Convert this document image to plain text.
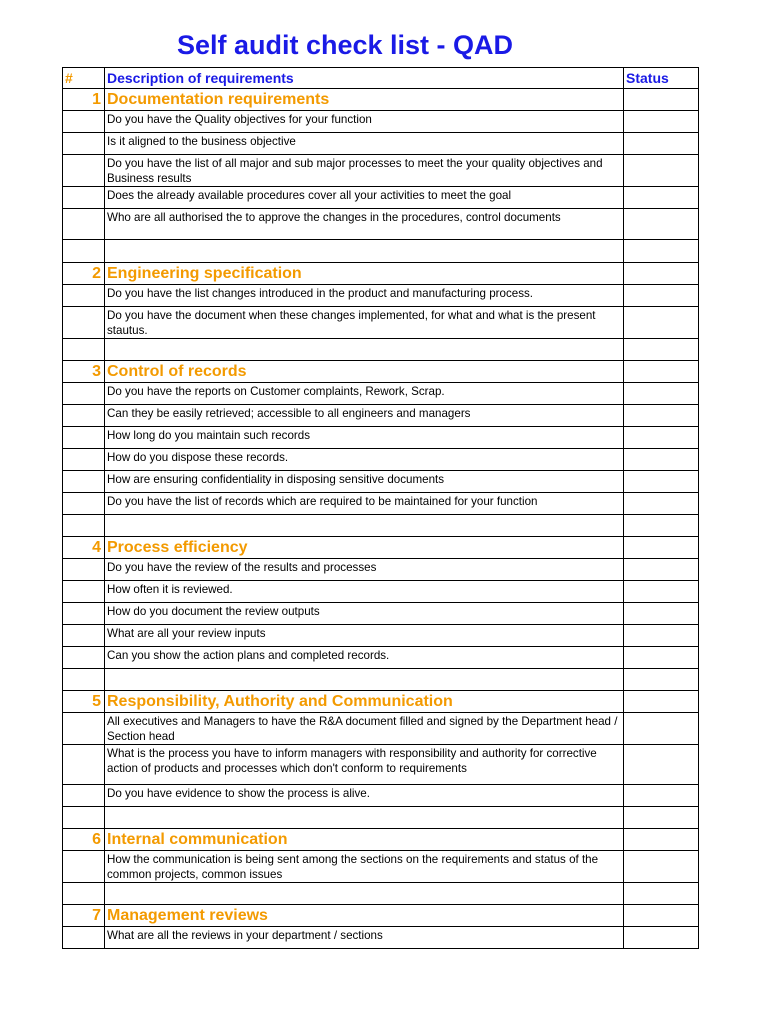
Self audit check list - QAD
#	Description of requirements	Status
1	Documentation requirements	
	Do you have the Quality objectives for your function	
	Is it aligned to the business objective	
	Do you have the list of all major and sub major processes to meet the your quality objectives and Business results	
	Does the already available procedures cover all your activities to meet the goal	
	Who are all authorised the to approve the changes in the procedures, control documents	

2	Engineering specification	
	Do you have the list changes introduced in the product and manufacturing process.	
	Do you have the document when these changes implemented, for what and what is the present stautus.	

3	Control of records	
	Do you have the reports on Customer complaints, Rework, Scrap.	
	Can they be easily retrieved; accessible to all engineers and managers	
	How long do you maintain such records	
	How do you dispose these records.	
	How are ensuring confidentiality in disposing sensitive documents	
	Do you have the list of records which are required to be maintained for your function	

4	Process efficiency	
	Do you have the review of the results and processes	
	How often it is reviewed.	
	How do you document the review outputs	
	What are all your review inputs	
	Can you show the action plans and completed records.	

5	Responsibility, Authority and Communication	
	All executives and Managers to have the R&A document filled and signed by the Department head / Section head	
	What is the process you have to inform managers with responsibility and authority for corrective action of products and processes which don't conform to requirements	
	Do you have evidence to show the process is alive.	

6	Internal communication	
	How the communication is being sent among the sections on the requirements and status of the common projects, common issues	

7	Management reviews	
	What are all the reviews in your department / sections	
